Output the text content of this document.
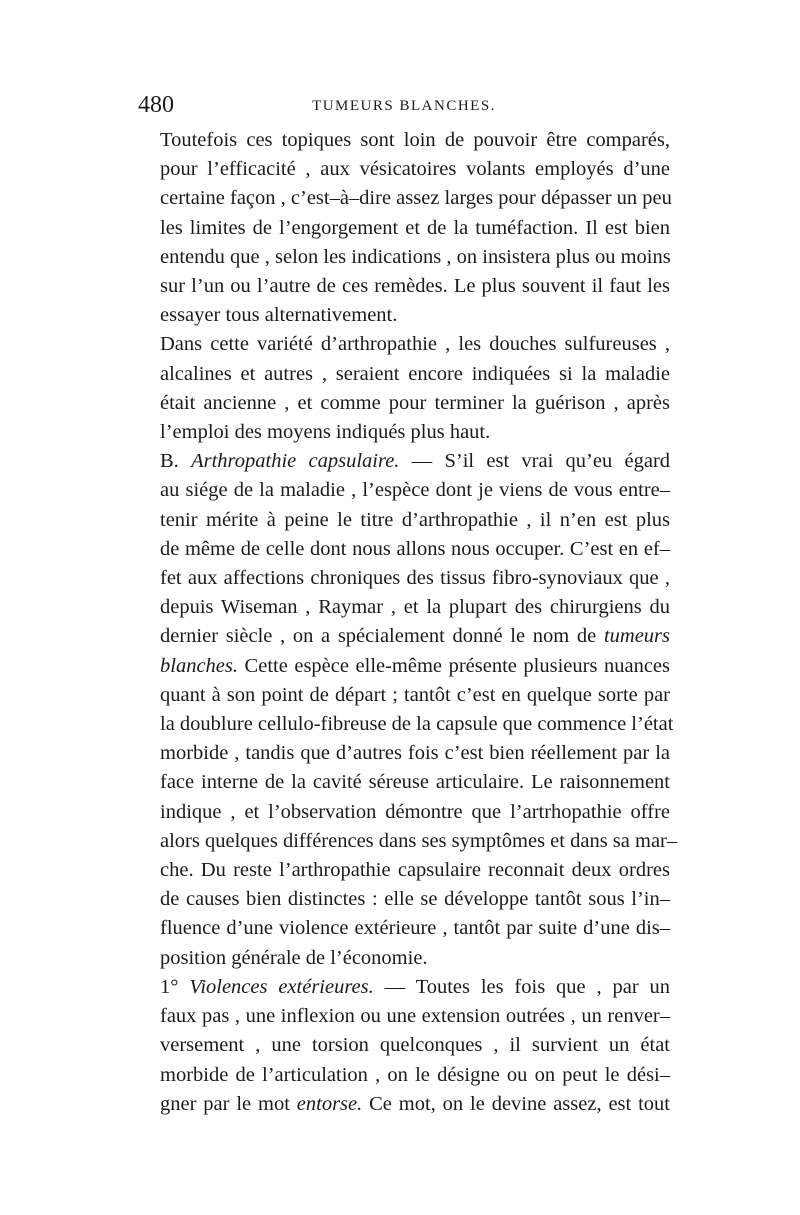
480	TUMEURS BLANCHES.

Toutefois ces topiques sont loin de pouvoir être comparés,
pour l’efficacité , aux vésicatoires volants employés d’une
certaine façon , c’est–à–dire assez larges pour dépasser un peu
les limites de l’engorgement et de la tuméfaction. Il est bien
entendu que , selon les indications , on insistera plus ou moins
sur l’un ou l’autre de ces remèdes. Le plus souvent il faut les
essayer tous alternativement.

Dans cette variété d’arthropathie , les douches sulfureuses ,
alcalines et autres , seraient encore indiquées si la maladie
était ancienne , et comme pour terminer la guérison , après
l’emploi des moyens indiqués plus haut.

B. Arthropathie capsulaire. — S’il est vrai qu’eu égard
au siége de la maladie , l’espèce dont je viens de vous entre–
tenir mérite à peine le titre d’arthropathie , il n’en est plus
de même de celle dont nous allons nous occuper. C’est en ef–
fet aux affections chroniques des tissus fibro-synoviaux que ,
depuis Wiseman , Raymar , et la plupart des chirurgiens du
dernier siècle , on a spécialement donné le nom de tumeurs
blanches. Cette espèce elle-même présente plusieurs nuances
quant à son point de départ ; tantôt c’est en quelque sorte par
la doublure cellulo-fibreuse de la capsule que commence l’état
morbide , tandis que d’autres fois c’est bien réellement par la
face interne de la cavité séreuse articulaire. Le raisonnement
indique , et l’observation démontre que l’artrhopathie offre
alors quelques différences dans ses symptômes et dans sa mar–
che. Du reste l’arthropathie capsulaire reconnait deux ordres
de causes bien distinctes : elle se développe tantôt sous l’in–
fluence d’une violence extérieure , tantôt par suite d’une dis–
position générale de l’économie.

1° Violences extérieures. — Toutes les fois que , par un
faux pas , une inflexion ou une extension outrées , un renver–
versement , une torsion quelconques , il survient un état
morbide de l’articulation , on le désigne ou on peut le dési–
gner par le mot entorse. Ce mot, on le devine assez, est tout
